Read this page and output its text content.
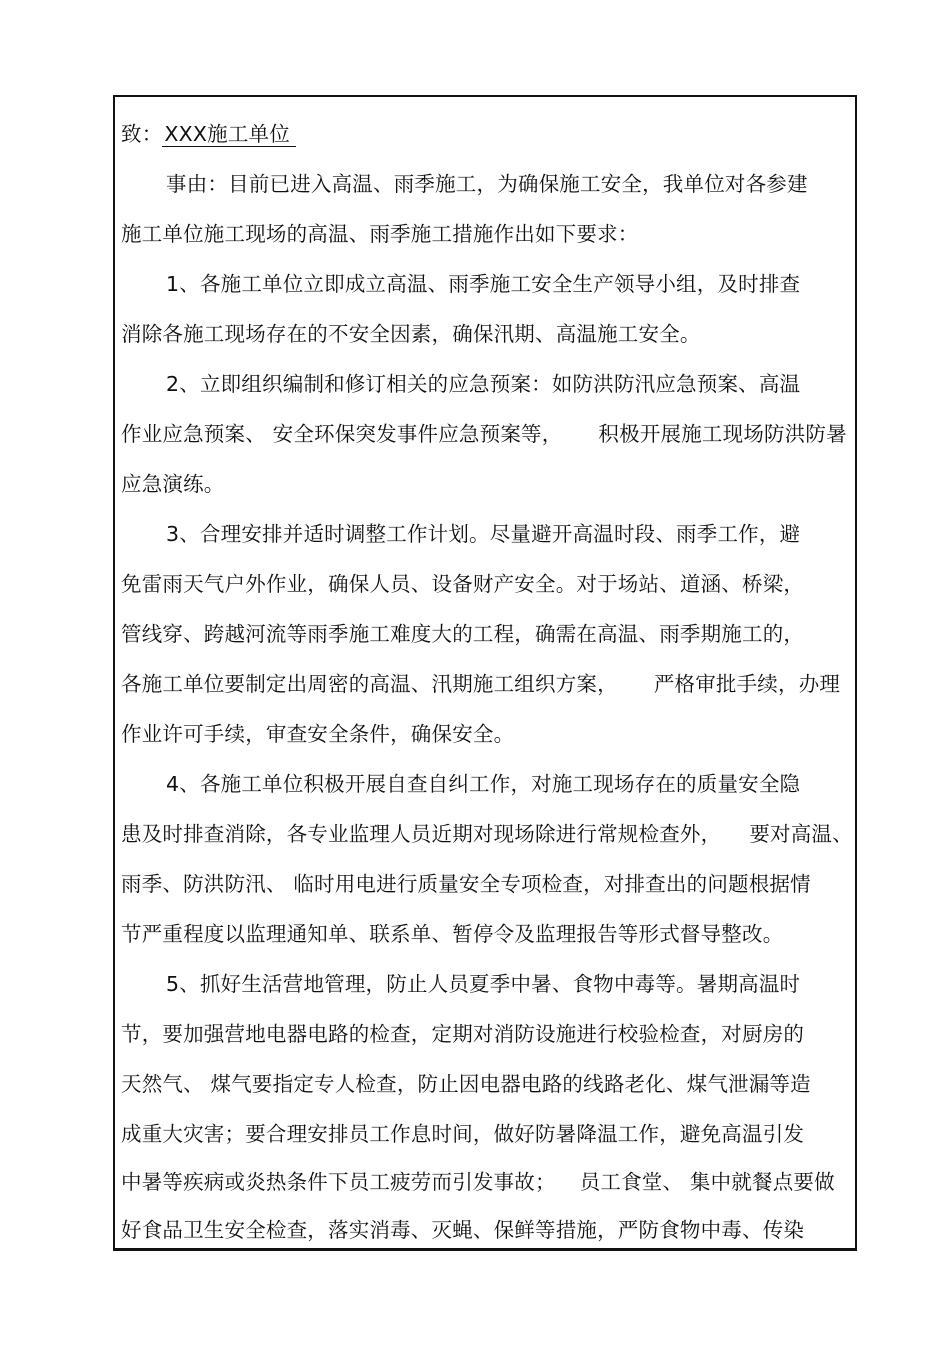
致：XXX施工单位
事由：目前已进入高温、雨季施工，为确保施工安全，我单位对各参建
施工单位施工现场的高温、雨季施工措施作出如下要求：
1、各施工单位立即成立高温、雨季施工安全生产领导小组，及时排查
消除各施工现场存在的不安全因素，确保汛期、高温施工安全。
2、立即组织编制和修订相关的应急预案：如防洪防汛应急预案、高温
作业应急预案、 安全环保突发事件应急预案等， 积极开展施工现场防洪防暑
应急演练。
3、合理安排并适时调整工作计划。尽量避开高温时段、雨季工作，避
免雷雨天气户外作业，确保人员、设备财产安全。对于场站、道涵、桥梁，
管线穿、跨越河流等雨季施工难度大的工程，确需在高温、雨季期施工的，
各施工单位要制定出周密的高温、汛期施工组织方案， 严格审批手续，办理
作业许可手续，审查安全条件，确保安全。
4、各施工单位积极开展自查自纠工作，对施工现场存在的质量安全隐
患及时排查消除，各专业监理人员近期对现场除进行常规检查外， 要对高温、
雨季、防洪防汛、 临时用电进行质量安全专项检查，对排查出的问题根据情
节严重程度以监理通知单、联系单、暂停令及监理报告等形式督导整改。
5、抓好生活营地管理，防止人员夏季中暑、食物中毒等。暑期高温时
节，要加强营地电器电路的检查，定期对消防设施进行校验检查，对厨房的
天然气、 煤气要指定专人检查，防止因电器电路的线路老化、煤气泄漏等造
成重大灾害；要合理安排员工作息时间，做好防暑降温工作，避免高温引发
中暑等疾病或炎热条件下员工疲劳而引发事故； 员工食堂、 集中就餐点要做
好食品卫生安全检查，落实消毒、灭蝇、保鲜等措施，严防食物中毒、传染
